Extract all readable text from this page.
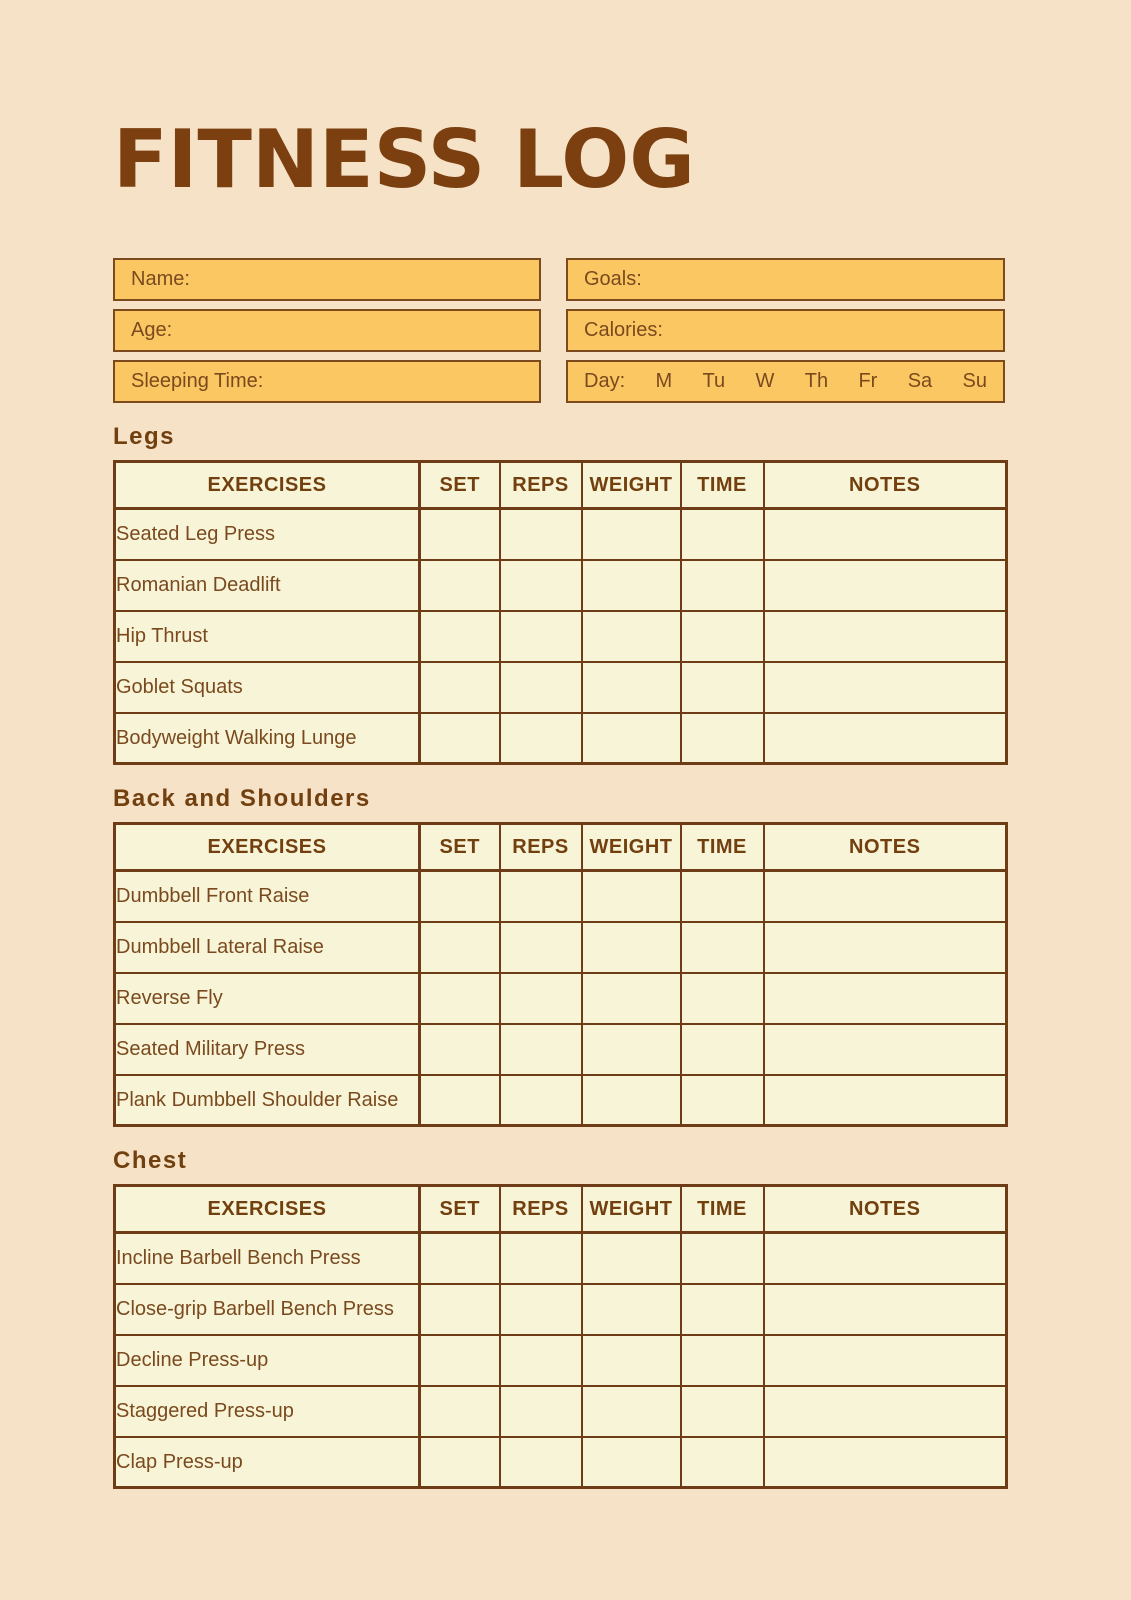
FITNESS LOG
Name:
Age:
Sleeping Time:
Goals:
Calories:
Day: M Tu W Th Fr Sa Su
Legs
EXERCISES	SET	REPS	WEIGHT	TIME	NOTES
Seated Leg Press					
Romanian Deadlift					
Hip Thrust					
Goblet Squats					
Bodyweight Walking Lunge					
Back and Shoulders
EXERCISES	SET	REPS	WEIGHT	TIME	NOTES
Dumbbell Front Raise					
Dumbbell Lateral Raise					
Reverse Fly					
Seated Military Press					
Plank Dumbbell Shoulder Raise					
Chest
EXERCISES	SET	REPS	WEIGHT	TIME	NOTES
Incline Barbell Bench Press					
Close-grip Barbell Bench Press					
Decline Press-up					
Staggered Press-up					
Clap Press-up					
